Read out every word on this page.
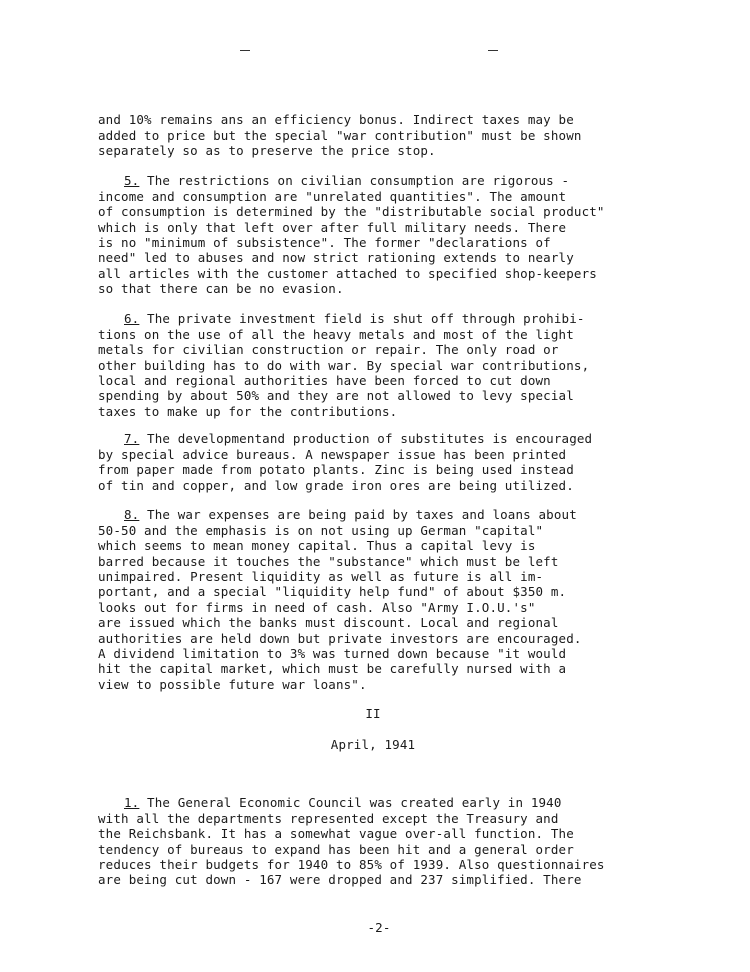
and 10% remains ans an efficiency bonus. Indirect taxes may be
added to price but the special "war contribution" must be shown
separately so as to preserve the price stop.

5. The restrictions on civilian consumption are rigorous -
income and consumption are "unrelated quantities". The amount
of consumption is determined by the "distributable social product"
which is only that left over after full military needs. There
is no "minimum of subsistence". The former "declarations of
need" led to abuses and now strict rationing extends to nearly
all articles with the customer attached to specified shop-keepers
so that there can be no evasion.

6. The private investment field is shut off through prohibi-
tions on the use of all the heavy metals and most of the light
metals for civilian construction or repair. The only road or
other building has to do with war. By special war contributions,
local and regional authorities have been forced to cut down
spending by about 50% and they are not allowed to levy special
taxes to make up for the contributions.

7. The developmentand production of substitutes is encouraged
by special advice bureaus. A newspaper issue has been printed
from paper made from potato plants. Zinc is being used instead
of tin and copper, and low grade iron ores are being utilized.

8. The war expenses are being paid by taxes and loans about
50-50 and the emphasis is on not using up German "capital"
which seems to mean money capital. Thus a capital levy is
barred because it touches the "substance" which must be left
unimpaired. Present liquidity as well as future is all im-
portant, and a special "liquidity help fund" of about $350 m.
looks out for firms in need of cash. Also "Army I.O.U.'s"
are issued which the banks must discount. Local and regional
authorities are held down but private investors are encouraged.
A dividend limitation to 3% was turned down because "it would
hit the capital market, which must be carefully nursed with a
view to possible future war loans".

II
April, 1941

1. The General Economic Council was created early in 1940
with all the departments represented except the Treasury and
the Reichsbank. It has a somewhat vague over-all function. The
tendency of bureaus to expand has been hit and a general order
reduces their budgets for 1940 to 85% of 1939. Also questionnaires
are being cut down - 167 were dropped and 237 simplified. There

-2-
